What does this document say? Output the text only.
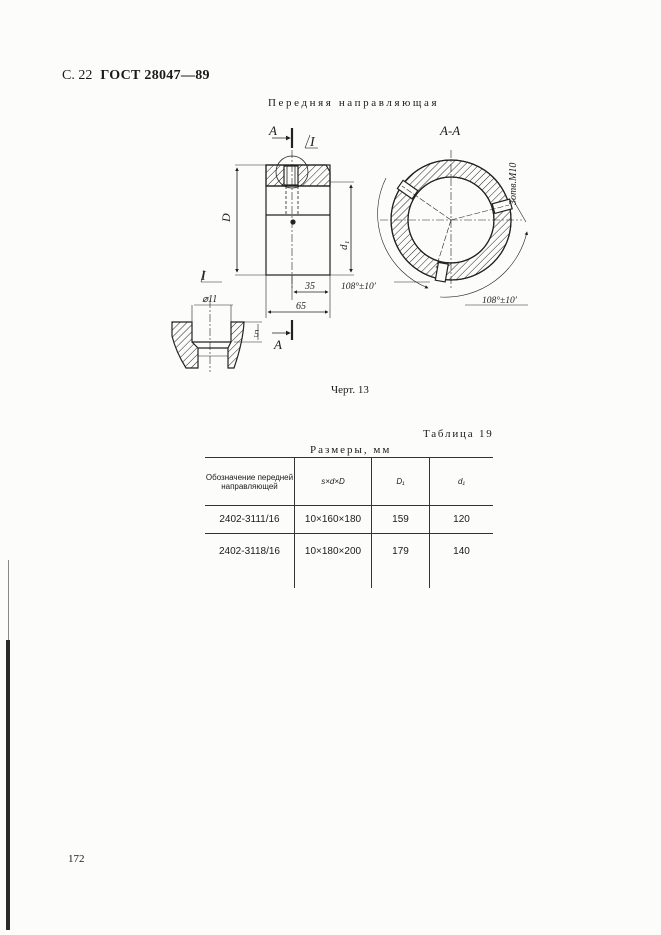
С. 22 ГОСТ 28047—89
Передняя направляющая
А
I
D
d₁
35
65
А
I
⌀11
5
А-А
108°±10′
108°±10′
3отв.М10
Черт. 13
Таблица 19
Размеры, мм
Обозначение передней направляющей	s×d×D	D₁	d₁
2402-3111/16	10×160×180	159	120
2402-3118/16	10×180×200	179	140
172
